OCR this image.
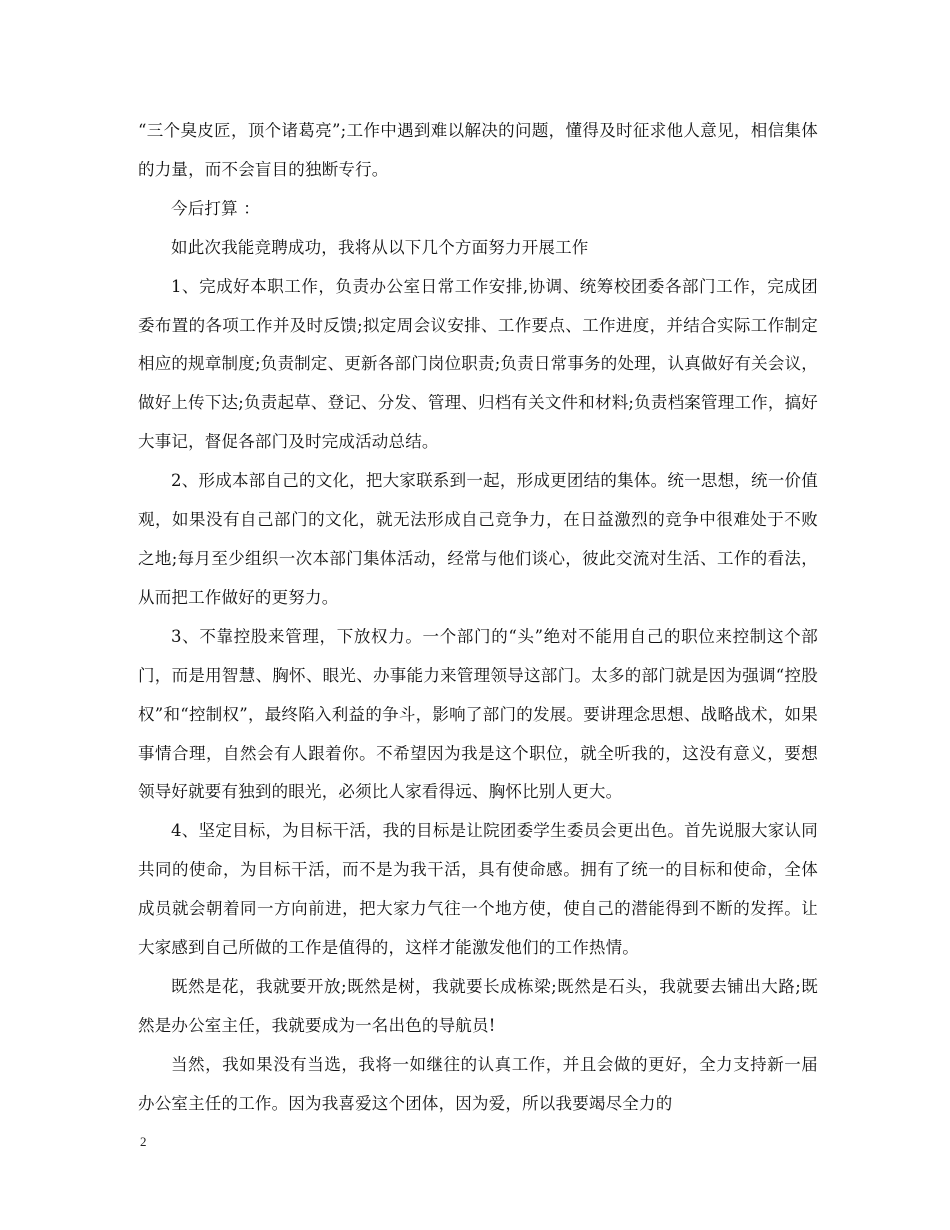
“三个臭皮匠，顶个诸葛亮”;工作中遇到难以解决的问题，懂得及时征求他人意见，相信集体的力量，而不会盲目的独断专行。

今后打算 ：

如此次我能竞聘成功，我将从以下几个方面努力开展工作

1、完成好本职工作，负责办公室日常工作安排,协调、统筹校团委各部门工作，完成团委布置的各项工作并及时反馈;拟定周会议安排、工作要点、工作进度，并结合实际工作制定相应的规章制度;负责制定、更新各部门岗位职责;负责日常事务的处理，认真做好有关会议，做好上传下达;负责起草、登记、分发、管理、归档有关文件和材料;负责档案管理工作，搞好大事记，督促各部门及时完成活动总结。

2、形成本部自己的文化，把大家联系到一起，形成更团结的集体。统一思想，统一价值观，如果没有自己部门的文化，就无法形成自己竞争力，在日益激烈的竞争中很难处于不败之地;每月至少组织一次本部门集体活动，经常与他们谈心，彼此交流对生活、工作的看法，从而把工作做好的更努力。

3、不靠控股来管理，下放权力。一个部门的“头”绝对不能用自己的职位来控制这个部门，而是用智慧、胸怀、眼光、办事能力来管理领导这部门。太多的部门就是因为强调“控股权”和“控制权”，最终陷入利益的争斗，影响了部门的发展。要讲理念思想、战略战术，如果事情合理，自然会有人跟着你。不希望因为我是这个职位，就全听我的，这没有意义，要想领导好就要有独到的眼光，必须比人家看得远、胸怀比别人更大。

4、坚定目标，为目标干活，我的目标是让院团委学生委员会更出色。首先说服大家认同共同的使命，为目标干活，而不是为我干活，具有使命感。拥有了统一的目标和使命，全体成员就会朝着同一方向前进，把大家力气往一个地方使，使自己的潜能得到不断的发挥。让大家感到自己所做的工作是值得的，这样才能激发他们的工作热情。

既然是花，我就要开放;既然是树，我就要长成栋梁;既然是石头，我就要去铺出大路;既然是办公室主任，我就要成为一名出色的导航员!

当然，我如果没有当选，我将一如继往的认真工作，并且会做的更好，全力支持新一届办公室主任的工作。因为我喜爱这个团体，因为爱，所以我要竭尽全力的

2
